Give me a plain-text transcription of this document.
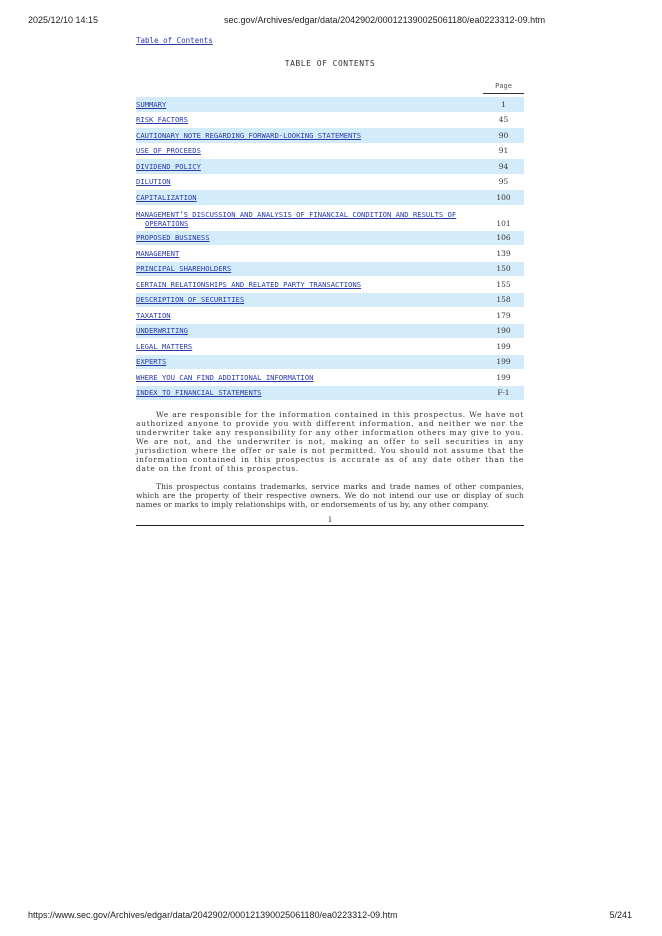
2025/12/10 14:15	sec.gov/Archives/edgar/data/2042902/000121390025061180/ea0223312-09.htm
Table of Contents
TABLE OF CONTENTS
Page
SUMMARY	1
RISK FACTORS	45
CAUTIONARY NOTE REGARDING FORWARD-LOOKING STATEMENTS	90
USE OF PROCEEDS	91
DIVIDEND POLICY	94
DILUTION	95
CAPITALIZATION	100
MANAGEMENT’S DISCUSSION AND ANALYSIS OF FINANCIAL CONDITION AND RESULTS OF
OPERATIONS	101
PROPOSED BUSINESS	106
MANAGEMENT	139
PRINCIPAL SHAREHOLDERS	150
CERTAIN RELATIONSHIPS AND RELATED PARTY TRANSACTIONS	155
DESCRIPTION OF SECURITIES	158
TAXATION	179
UNDERWRITING	190
LEGAL MATTERS	199
EXPERTS	199
WHERE YOU CAN FIND ADDITIONAL INFORMATION	199
INDEX TO FINANCIAL STATEMENTS	F-1

We are responsible for the information contained in this prospectus. We have not authorized anyone to provide you with different information, and neither we nor the underwriter take any responsibility for any other information others may give to you. We are not, and the underwriter is not, making an offer to sell securities in any jurisdiction where the offer or sale is not permitted. You should not assume that the information contained in this prospectus is accurate as of any date other than the date on the front of this prospectus.

This prospectus contains trademarks, service marks and trade names of other companies, which are the property of their respective owners. We do not intend our use or display of such names or marks to imply relationships with, or endorsements of us by, any other company.

i
https://www.sec.gov/Archives/edgar/data/2042902/000121390025061180/ea0223312-09.htm	5/241
